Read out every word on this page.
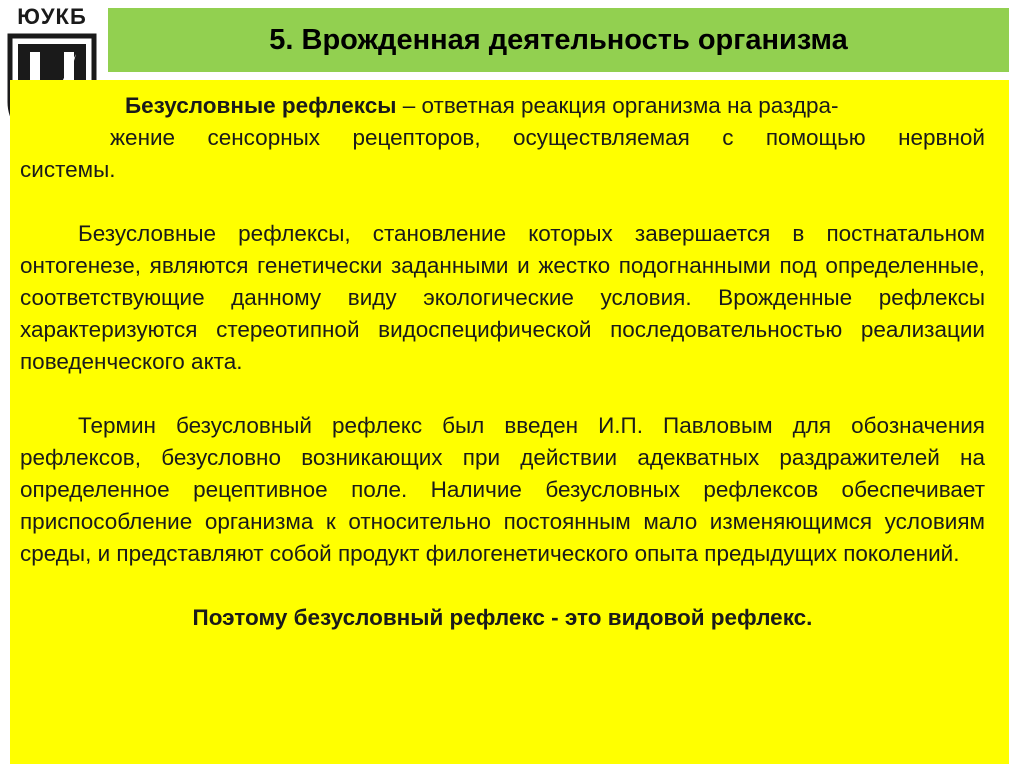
ЮУКБ
5. Врожденная деятельность организма
Безусловные рефлексы – ответная реакция организма на раздра-
жение сенсорных рецепторов, осуществляемая с помощью нервной
системы.

Безусловные рефлексы, становление которых завершается в постнатальном онтогенезе, являются генетически заданными и жестко подогнанными под определенные, соответствующие данному виду экологические условия. Врожденные рефлексы характеризуются стереотипной видоспецифической последовательностью реализации поведенческого акта.

Термин безусловный рефлекс был введен И.П. Павловым для обозначения рефлексов, безусловно возникающих при действии адекватных раздражителей на определенное рецептивное поле. Наличие безусловных рефлексов обеспечивает приспособление организма к относительно постоянным мало изменяющимся условиям среды, и представляют собой продукт филогенетического опыта предыдущих поколений.

Поэтому безусловный рефлекс - это видовой рефлекс.
